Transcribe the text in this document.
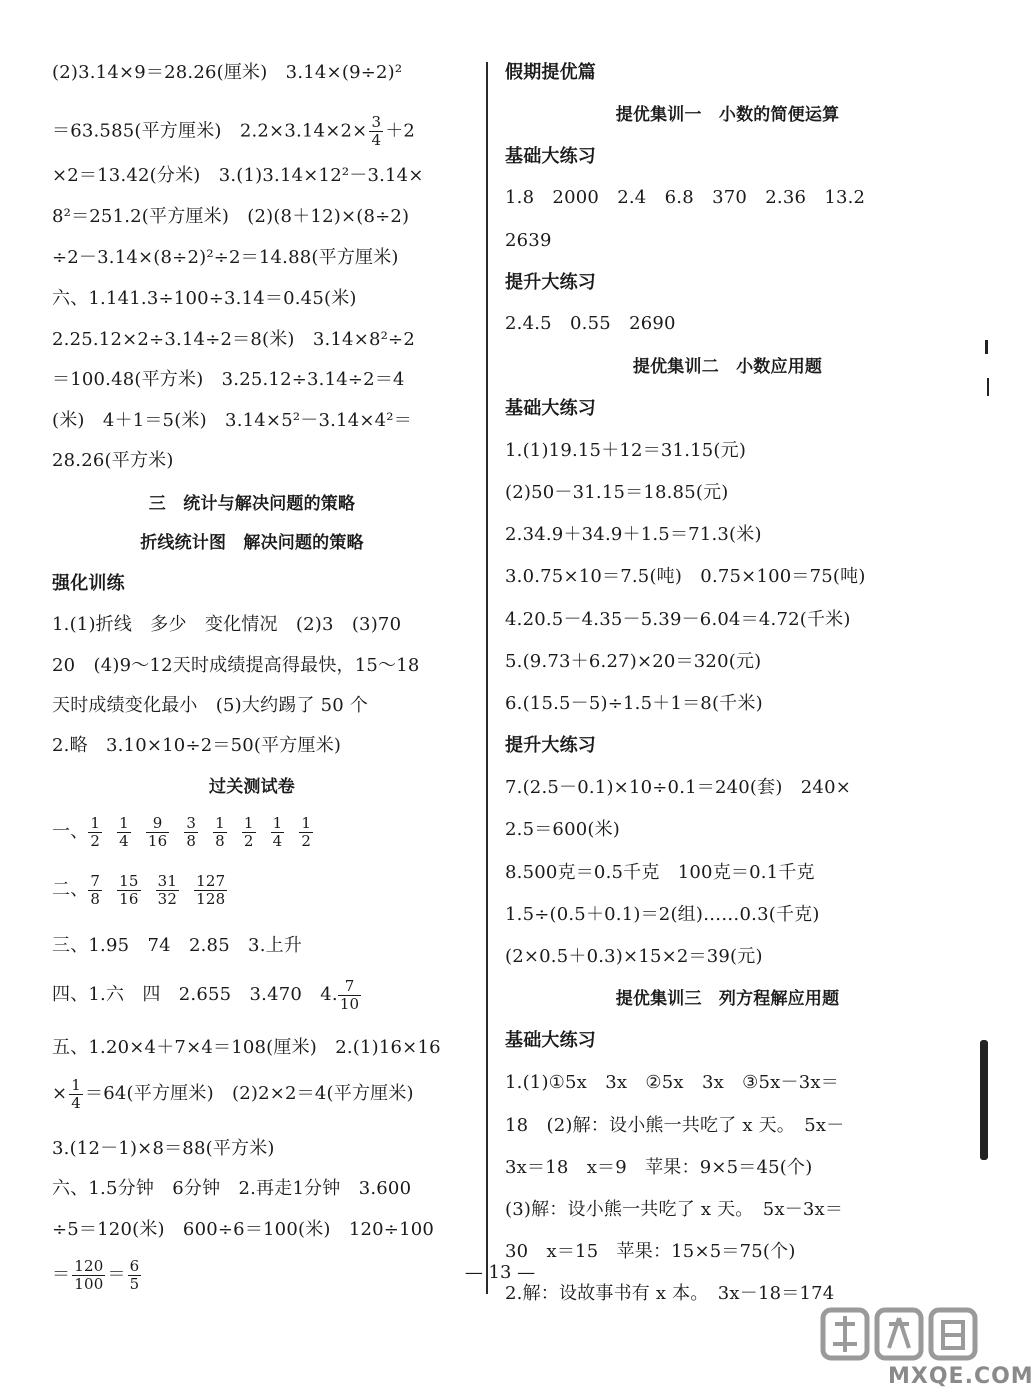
(2)3.14×9＝28.26(厘米)　3.14×(9÷2)²
＝63.585(平方厘米)　$2.2\times 3.14\times 2\times \frac{3}{4} +2$
×2＝13.42(分米)　3.(1)3.14×12²－3.14×
8²＝251.2(平方厘米)　(2)(8＋12)×(8÷2)
÷2－3.14×(8÷2)²÷2＝14.88(平方厘米)
六、1.141.3÷100÷3.14＝0.45(米)
2.25.12×2÷3.14÷2＝8(米)　3.14×8²÷2
＝100.48(平方米)　3.25.12÷3.14÷2＝4
(米)　4＋1＝5(米)　3.14×5²－3.14×4²＝
28.26(平方米)
三　统计与解决问题的策略
折线统计图　解决问题的策略
强化训练
1.(1)折线　多少　变化情况　(2)3　(3)70
20　(4)9～12天时成绩提高得最快，15～18
天时成绩变化最小　(5)大约踢了 50 个
2.略　3.10×10÷2＝50(平方厘米)
过关测试卷
一、 $\frac{1}{2} \frac{1}{4} \frac{9}{16} \frac{3}{8} \frac{1}{8} \frac{1}{2} \frac{1}{4} \frac{1}{2}$
二、 $\frac{7}{8} \frac{15}{16} \frac{31}{32} \frac{127}{128}$
三、1.95　74　2.85　3.上升
四、1.六　四　2.655　3.470　4. $\frac{7}{10}$
五、1.20×4＋7×4＝108(厘米)　2.(1)16×16
× $\frac{1}{4} =64$(平方厘米)　(2)2×2＝4(平方厘米)
3.(12－1)×8＝88(平方米)
六、1.5分钟　6分钟　2.再走1分钟　3.600
÷5＝120(米)　600÷6＝100(米)　120÷100
＝ $\frac{120}{100} = \frac{6}{5}$
假期提优篇
提优集训一　小数的简便运算
基础大练习
1.8　2000　2.4　6.8　370　2.36　13.2
2639
提升大练习
2.4.5　0.55　2690
提优集训二　小数应用题
基础大练习
1.(1)19.15＋12＝31.15(元)
(2)50－31.15＝18.85(元)
2.34.9＋34.9＋1.5＝71.3(米)
3.0.75×10＝7.5(吨)　0.75×100＝75(吨)
4.20.5－4.35－5.39－6.04＝4.72(千米)
5.(9.73＋6.27)×20＝320(元)
6.(15.5－5)÷1.5＋1＝8(千米)
提升大练习
7.(2.5－0.1)×10÷0.1＝240(套)　240×
2.5＝600(米)
8.500克＝0.5千克　100克＝0.1千克
1.5÷(0.5＋0.1)＝2(组)……0.3(千克)
(2×0.5＋0.3)×15×2＝39(元)
提优集训三　列方程解应用题
基础大练习
1.(1)①5x　3x　②5x　3x　③5x－3x＝
18　(2)解：设小熊一共吃了 x 天。　5x－
3x＝18　x＝9　苹果：9×5＝45(个)
(3)解：设小熊一共吃了 x 天。　5x－3x＝
30　x＝15　苹果：15×5＝75(个)
2.解：设故事书有 x 本。　3x－18＝174
— 13 —
MXQE.COM
